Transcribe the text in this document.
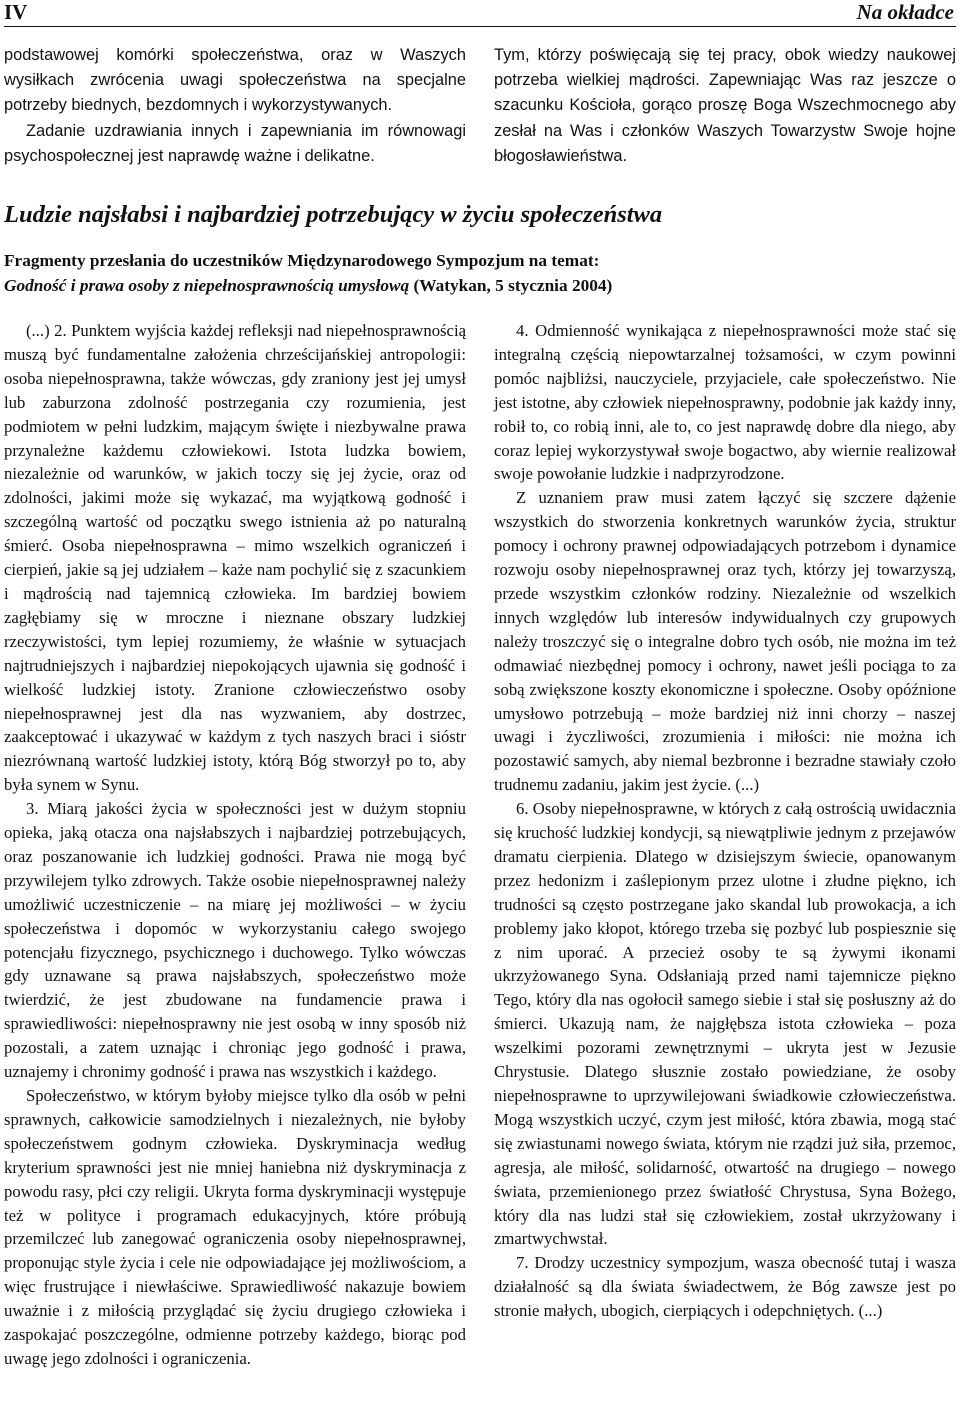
IV	Na okładce

podstawowej komórki społeczeństwa, oraz w Waszych wysiłkach zwrócenia uwagi społeczeństwa na specjalne potrzeby biednych, bezdomnych i wykorzystywanych.

Zadanie uzdrawiania innych i zapewniania im równowagi psychospołecznej jest naprawdę ważne i delikatne.

Tym, którzy poświęcają się tej pracy, obok wiedzy naukowej potrzeba wielkiej mądrości. Zapewniając Was raz jeszcze o szacunku Kościoła, gorąco proszę Boga Wszechmocnego aby zesłał na Was i członków Waszych Towarzystw Swoje hojne błogosławieństwa.

Ludzie najsłabsi i najbardziej potrzebujący w życiu społeczeństwa
Fragmenty przesłania do uczestników Międzynarodowego Sympozjum na temat:
Godność i prawa osoby z niepełnosprawnością umysłową (Watykan, 5 stycznia 2004)

(...) 2. Punktem wyjścia każdej refleksji nad niepełnosprawnością muszą być fundamentalne założenia chrześcijańskiej antropologii: osoba niepełnosprawna, także wówczas, gdy zraniony jest jej umysł lub zaburzona zdolność postrzegania czy rozumienia, jest podmiotem w pełni ludzkim, mającym święte i niezbywalne prawa przynależne każdemu człowiekowi. Istota ludzka bowiem, niezależnie od warunków, w jakich toczy się jej życie, oraz od zdolności, jakimi może się wykazać, ma wyjątkową godność i szczególną wartość od początku swego istnienia aż po naturalną śmierć. Osoba niepełnosprawna – mimo wszelkich ograniczeń i cierpień, jakie są jej udziałem – każe nam pochylić się z szacunkiem i mądrością nad tajemnicą człowieka. Im bardziej bowiem zagłębiamy się w mroczne i nieznane obszary ludzkiej rzeczywistości, tym lepiej rozumiemy, że właśnie w sytuacjach najtrudniejszych i najbardziej niepokojących ujawnia się godność i wielkość ludzkiej istoty. Zranione człowieczeństwo osoby niepełnosprawnej jest dla nas wyzwaniem, aby dostrzec, zaakceptować i ukazywać w każdym z tych naszych braci i sióstr niezrównaną wartość ludzkiej istoty, którą Bóg stworzył po to, aby była synem w Synu.

3. Miarą jakości życia w społeczności jest w dużym stopniu opieka, jaką otacza ona najsłabszych i najbardziej potrzebujących, oraz poszanowanie ich ludzkiej godności. Prawa nie mogą być przywilejem tylko zdrowych. Także osobie niepełnosprawnej należy umożliwić uczestniczenie – na miarę jej możliwości – w życiu społeczeństwa i dopomóc w wykorzystaniu całego swojego potencjału fizycznego, psychicznego i duchowego. Tylko wówczas gdy uznawane są prawa najsłabszych, społeczeństwo może twierdzić, że jest zbudowane na fundamencie prawa i sprawiedliwości: niepełnosprawny nie jest osobą w inny sposób niż pozostali, a zatem uznając i chroniąc jego godność i prawa, uznajemy i chronimy godność i prawa nas wszystkich i każdego.

Społeczeństwo, w którym byłoby miejsce tylko dla osób w pełni sprawnych, całkowicie samodzielnych i niezależnych, nie byłoby społeczeństwem godnym człowieka. Dyskryminacja według kryterium sprawności jest nie mniej haniebna niż dyskryminacja z powodu rasy, płci czy religii. Ukryta forma dyskryminacji występuje też w polityce i programach edukacyjnych, które próbują przemilczeć lub zanegować ograniczenia osoby niepełnosprawnej, proponując style życia i cele nie odpowiadające jej możliwościom, a więc frustrujące i niewłaściwe. Sprawiedliwość nakazuje bowiem uważnie i z miłością przyglądać się życiu drugiego człowieka i zaspokajać poszczególne, odmienne potrzeby każdego, biorąc pod uwagę jego zdolności i ograniczenia.

4. Odmienność wynikająca z niepełnosprawności może stać się integralną częścią niepowtarzalnej tożsamości, w czym powinni pomóc najbliżsi, nauczyciele, przyjaciele, całe społeczeństwo. Nie jest istotne, aby człowiek niepełnosprawny, podobnie jak każdy inny, robił to, co robią inni, ale to, co jest naprawdę dobre dla niego, aby coraz lepiej wykorzystywał swoje bogactwo, aby wiernie realizował swoje powołanie ludzkie i nadprzyrodzone.

Z uznaniem praw musi zatem łączyć się szczere dążenie wszystkich do stworzenia konkretnych warunków życia, struktur pomocy i ochrony prawnej odpowiadających potrzebom i dynamice rozwoju osoby niepełnosprawnej oraz tych, którzy jej towarzyszą, przede wszystkim członków rodziny. Niezależnie od wszelkich innych względów lub interesów indywidualnych czy grupowych należy troszczyć się o integralne dobro tych osób, nie można im też odmawiać niezbędnej pomocy i ochrony, nawet jeśli pociąga to za sobą zwiększone koszty ekonomiczne i społeczne. Osoby opóźnione umysłowo potrzebują – może bardziej niż inni chorzy – naszej uwagi i życzliwości, zrozumienia i miłości: nie można ich pozostawić samych, aby niemal bezbronne i bezradne stawiały czoło trudnemu zadaniu, jakim jest życie. (...)

6. Osoby niepełnosprawne, w których z całą ostrością uwidacznia się kruchość ludzkiej kondycji, są niewątpliwie jednym z przejawów dramatu cierpienia. Dlatego w dzisiejszym świecie, opanowanym przez hedonizm i zaślepionym przez ulotne i złudne piękno, ich trudności są często postrzegane jako skandal lub prowokacja, a ich problemy jako kłopot, którego trzeba się pozbyć lub pospiesznie się z nim uporać. A przecież osoby te są żywymi ikonami ukrzyżowanego Syna. Odsłaniają przed nami tajemnicze piękno Tego, który dla nas ogołocił samego siebie i stał się posłuszny aż do śmierci. Ukazują nam, że najgłębsza istota człowieka – poza wszelkimi pozorami zewnętrznymi – ukryta jest w Jezusie Chrystusie. Dlatego słusznie zostało powiedziane, że osoby niepełnosprawne to uprzywilejowani świadkowie człowieczeństwa. Mogą wszystkich uczyć, czym jest miłość, która zbawia, mogą stać się zwiastunami nowego świata, którym nie rządzi już siła, przemoc, agresja, ale miłość, solidarność, otwartość na drugiego – nowego świata, przemienionego przez światłość Chrystusa, Syna Bożego, który dla nas ludzi stał się człowiekiem, został ukrzyżowany i zmartwychwstał.

7. Drodzy uczestnicy sympozjum, wasza obecność tutaj i wasza działalność są dla świata świadectwem, że Bóg zawsze jest po stronie małych, ubogich, cierpiących i odepchniętych. (...)
